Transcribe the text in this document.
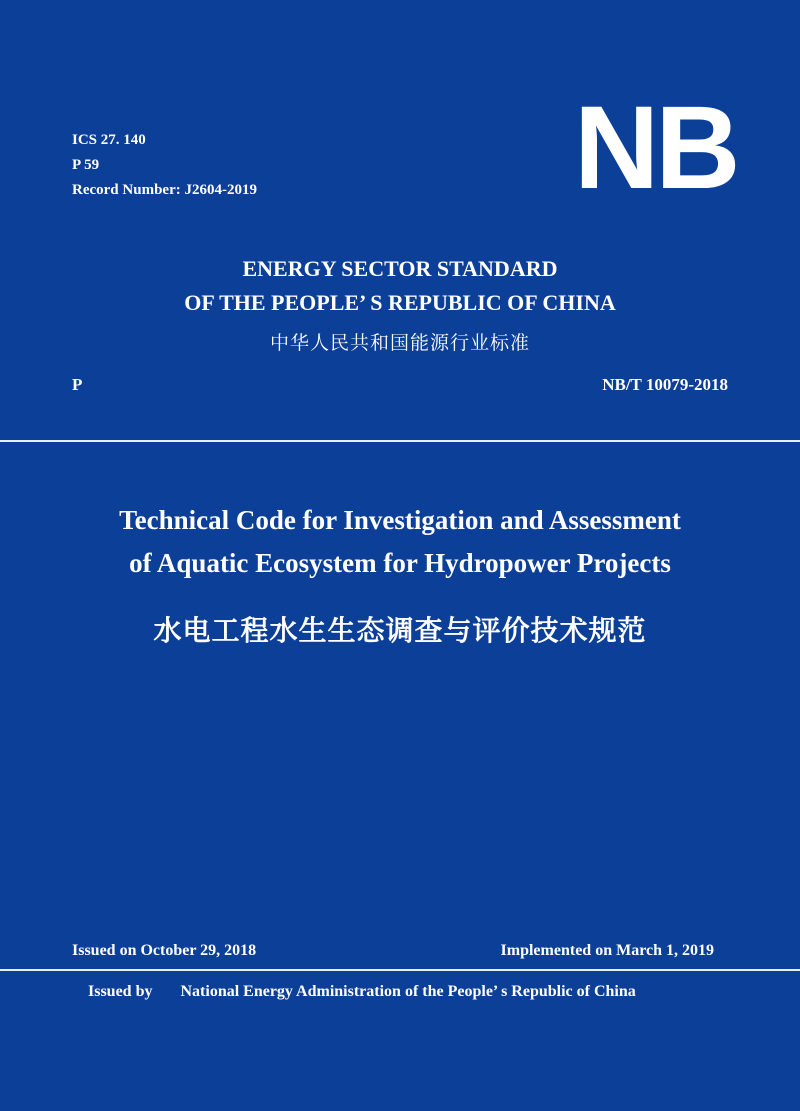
ICS 27. 140
P 59
Record Number: J2604-2019	NB
ENERGY SECTOR STANDARD
OF THE PEOPLE’ S REPUBLIC OF CHINA
中华人民共和国能源行业标准
P	NB/T 10079-2018
Technical Code for Investigation and Assessment
of Aquatic Ecosystem for Hydropower Projects
水电工程水生生态调查与评价技术规范
Issued on October 29, 2018	Implemented on March 1, 2019
Issued by National Energy Administration of the People’ s Republic of China
